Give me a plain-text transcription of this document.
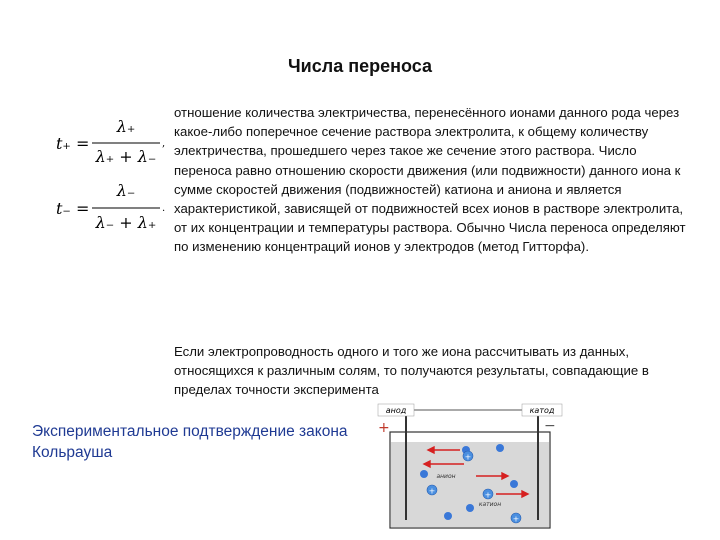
Числа переноса
t₊ =
λ₊
λ₊ + λ₋
,
t₋ =
λ₋
λ₋ + λ₊
.

отношение количества электричества, перенесённого ионами данного рода через какое-либо поперечное сечение раствора электролита, к общему количеству электричества, прошедшего через такое же сечение этого раствора. Число переноса равно отношению скорости движения (или подвижности) данного иона к сумме скоростей движения (подвижностей) катиона и аниона и является характеристикой, зависящей от подвижностей всех ионов в растворе электролита, от их концентрации и температуры раствора. Обычно Числа переноса определяют по изменению концентраций ионов у электродов (метод Гитторфа).

Если электропроводность одного и того же иона рассчитывать из данных, относящихся к различным солям, то получаются результаты, совпадающие в пределах точности эксперимента

Экспериментальное подтверждение закона Кольрауша
анод	катод
+	−
+
+	+
+
анион
катион
